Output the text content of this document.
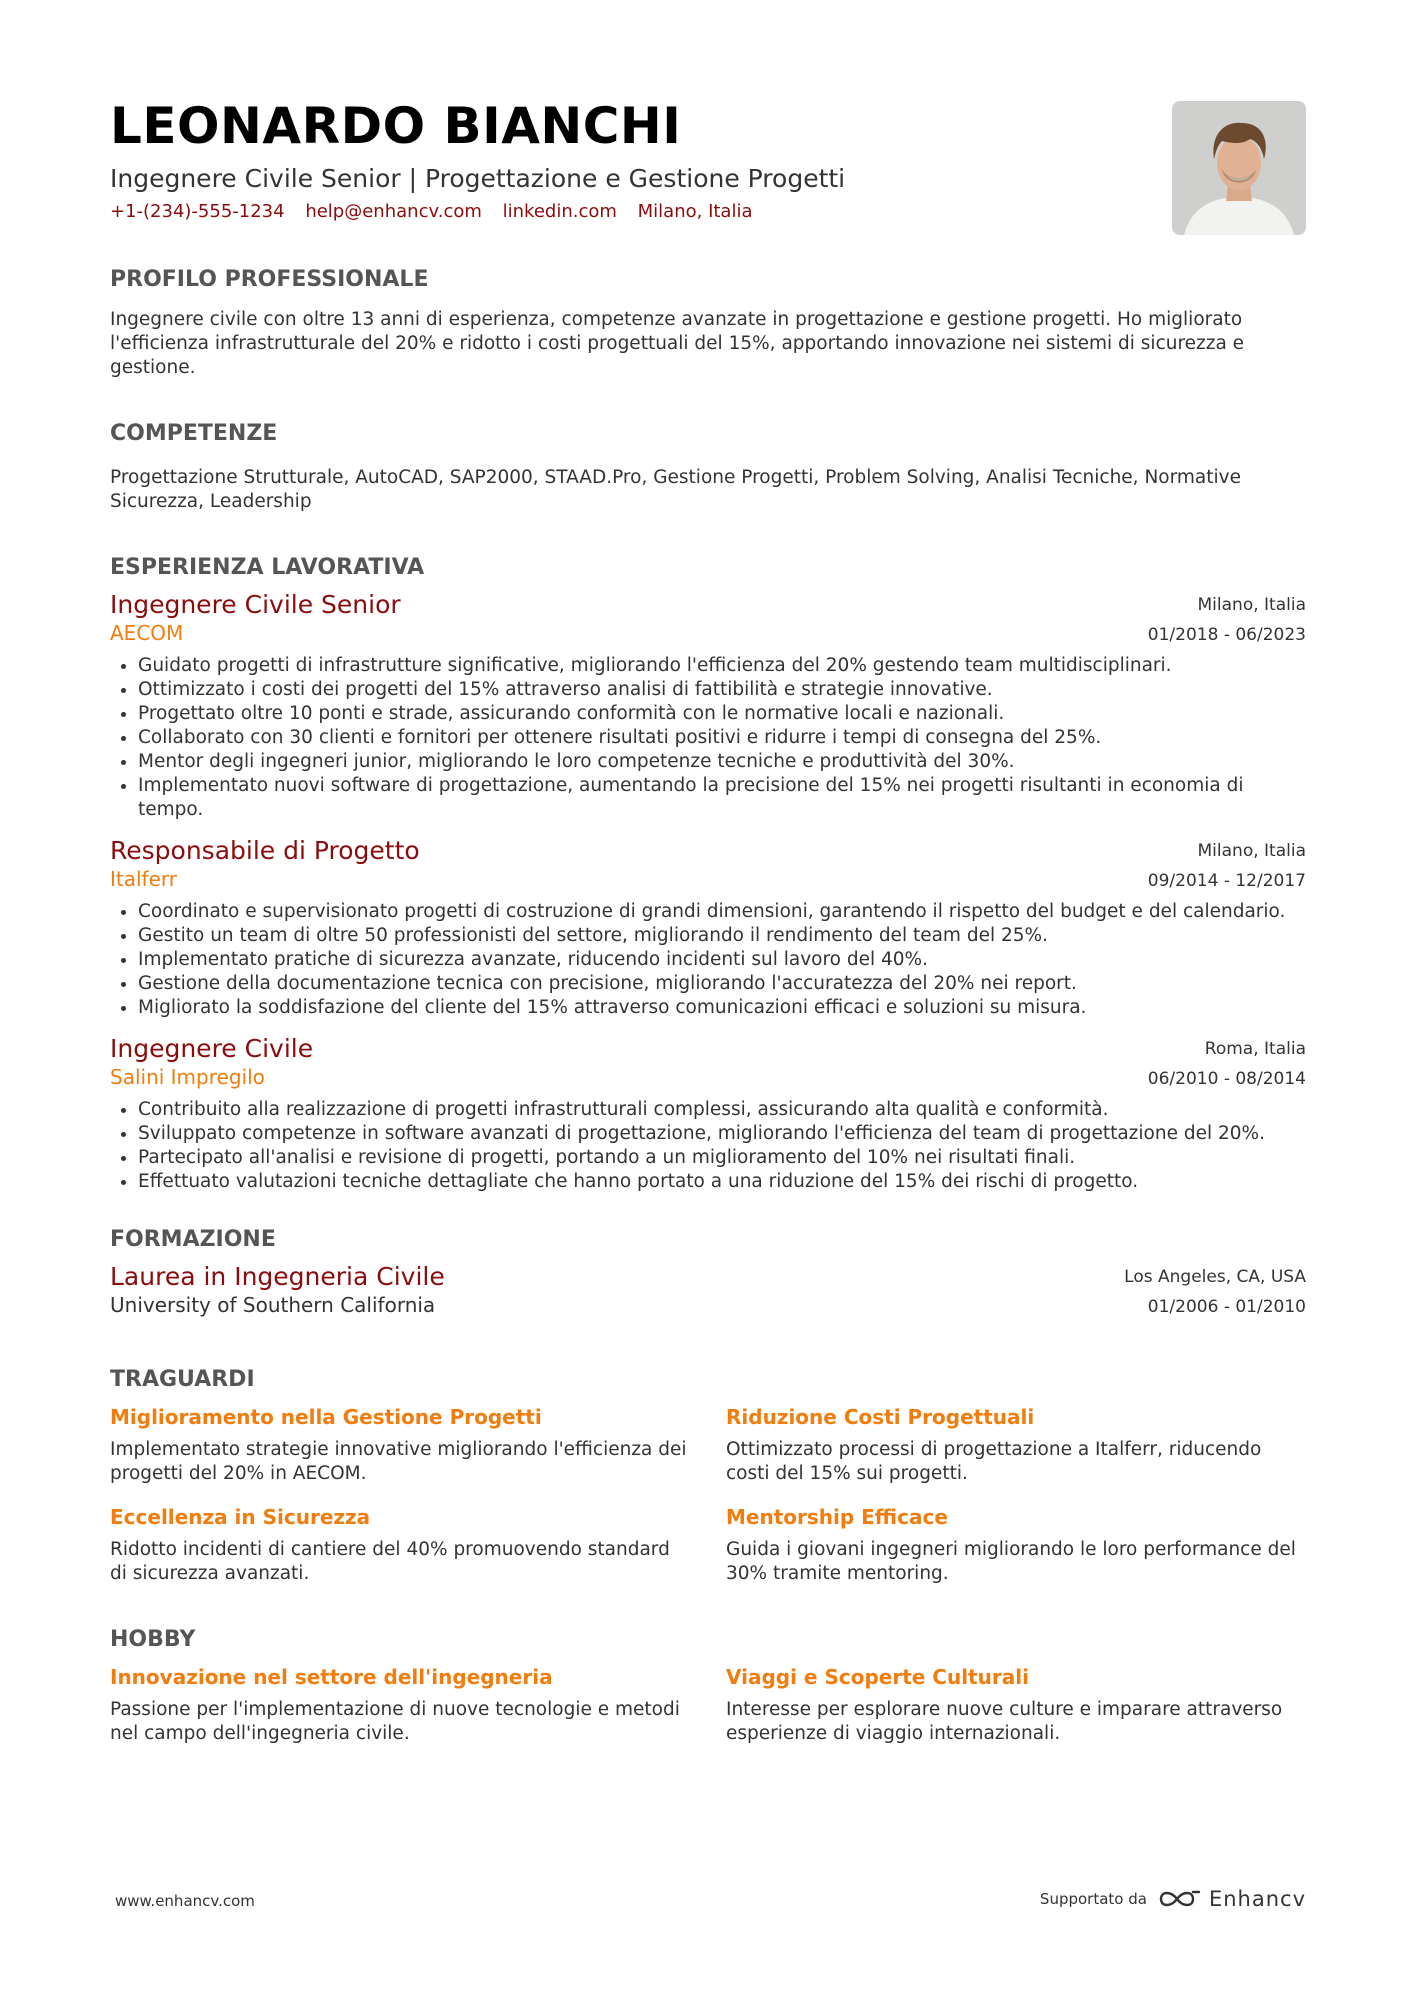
LEONARDO BIANCHI
Ingegnere Civile Senior | Progettazione e Gestione Progetti
+1-(234)-555-1234 help@enhancv.com linkedin.com Milano, Italia
PROFILO PROFESSIONALE

Ingegnere civile con oltre 13 anni di esperienza, competenze avanzate in progettazione e gestione progetti. Ho migliorato l'efficienza infrastrutturale del 20% e ridotto i costi progettuali del 15%, apportando innovazione nei sistemi di sicurezza e gestione.

COMPETENZE

Progettazione Strutturale, AutoCAD, SAP2000, STAAD.Pro, Gestione Progetti, Problem Solving, Analisi Tecniche, Normative Sicurezza, Leadership

ESPERIENZA LAVORATIVA
Ingegnere Civile Senior
AECOM
Milano, Italia
01/2018 - 06/2023
• Guidato progetti di infrastrutture significative, migliorando l'efficienza del 20% gestendo team multidisciplinari.
• Ottimizzato i costi dei progetti del 15% attraverso analisi di fattibilità e strategie innovative.
• Progettato oltre 10 ponti e strade, assicurando conformità con le normative locali e nazionali.
• Collaborato con 30 clienti e fornitori per ottenere risultati positivi e ridurre i tempi di consegna del 25%.
• Mentor degli ingegneri junior, migliorando le loro competenze tecniche e produttività del 30%.
• Implementato nuovi software di progettazione, aumentando la precisione del 15% nei progetti risultanti in economia di tempo.
Responsabile di Progetto
Italferr
Milano, Italia
09/2014 - 12/2017
• Coordinato e supervisionato progetti di costruzione di grandi dimensioni, garantendo il rispetto del budget e del calendario.
• Gestito un team di oltre 50 professionisti del settore, migliorando il rendimento del team del 25%.
• Implementato pratiche di sicurezza avanzate, riducendo incidenti sul lavoro del 40%.
• Gestione della documentazione tecnica con precisione, migliorando l'accuratezza del 20% nei report.
• Migliorato la soddisfazione del cliente del 15% attraverso comunicazioni efficaci e soluzioni su misura.
Ingegnere Civile
Salini Impregilo
Roma, Italia
06/2010 - 08/2014
• Contribuito alla realizzazione di progetti infrastrutturali complessi, assicurando alta qualità e conformità.
• Sviluppato competenze in software avanzati di progettazione, migliorando l'efficienza del team di progettazione del 20%.
• Partecipato all'analisi e revisione di progetti, portando a un miglioramento del 10% nei risultati finali.
• Effettuato valutazioni tecniche dettagliate che hanno portato a una riduzione del 15% dei rischi di progetto.
FORMAZIONE
Laurea in Ingegneria Civile
University of Southern California
Los Angeles, CA, USA
01/2006 - 01/2010
TRAGUARDI
Miglioramento nella Gestione Progetti

Implementato strategie innovative migliorando l'efficienza dei progetti del 20% in AECOM.

Riduzione Costi Progettuali

Ottimizzato processi di progettazione a Italferr, riducendo costi del 15% sui progetti.

Eccellenza in Sicurezza

Ridotto incidenti di cantiere del 40% promuovendo standard di sicurezza avanzati.

Mentorship Efficace

Guida i giovani ingegneri migliorando le loro performance del 30% tramite mentoring.

HOBBY
Innovazione nel settore dell'ingegneria

Passione per l'implementazione di nuove tecnologie e metodi nel campo dell'ingegneria civile.

Viaggi e Scoperte Culturali

Interesse per esplorare nuove culture e imparare attraverso esperienze di viaggio internazionali.

www.enhancv.com	Supportato da	Enhancv
